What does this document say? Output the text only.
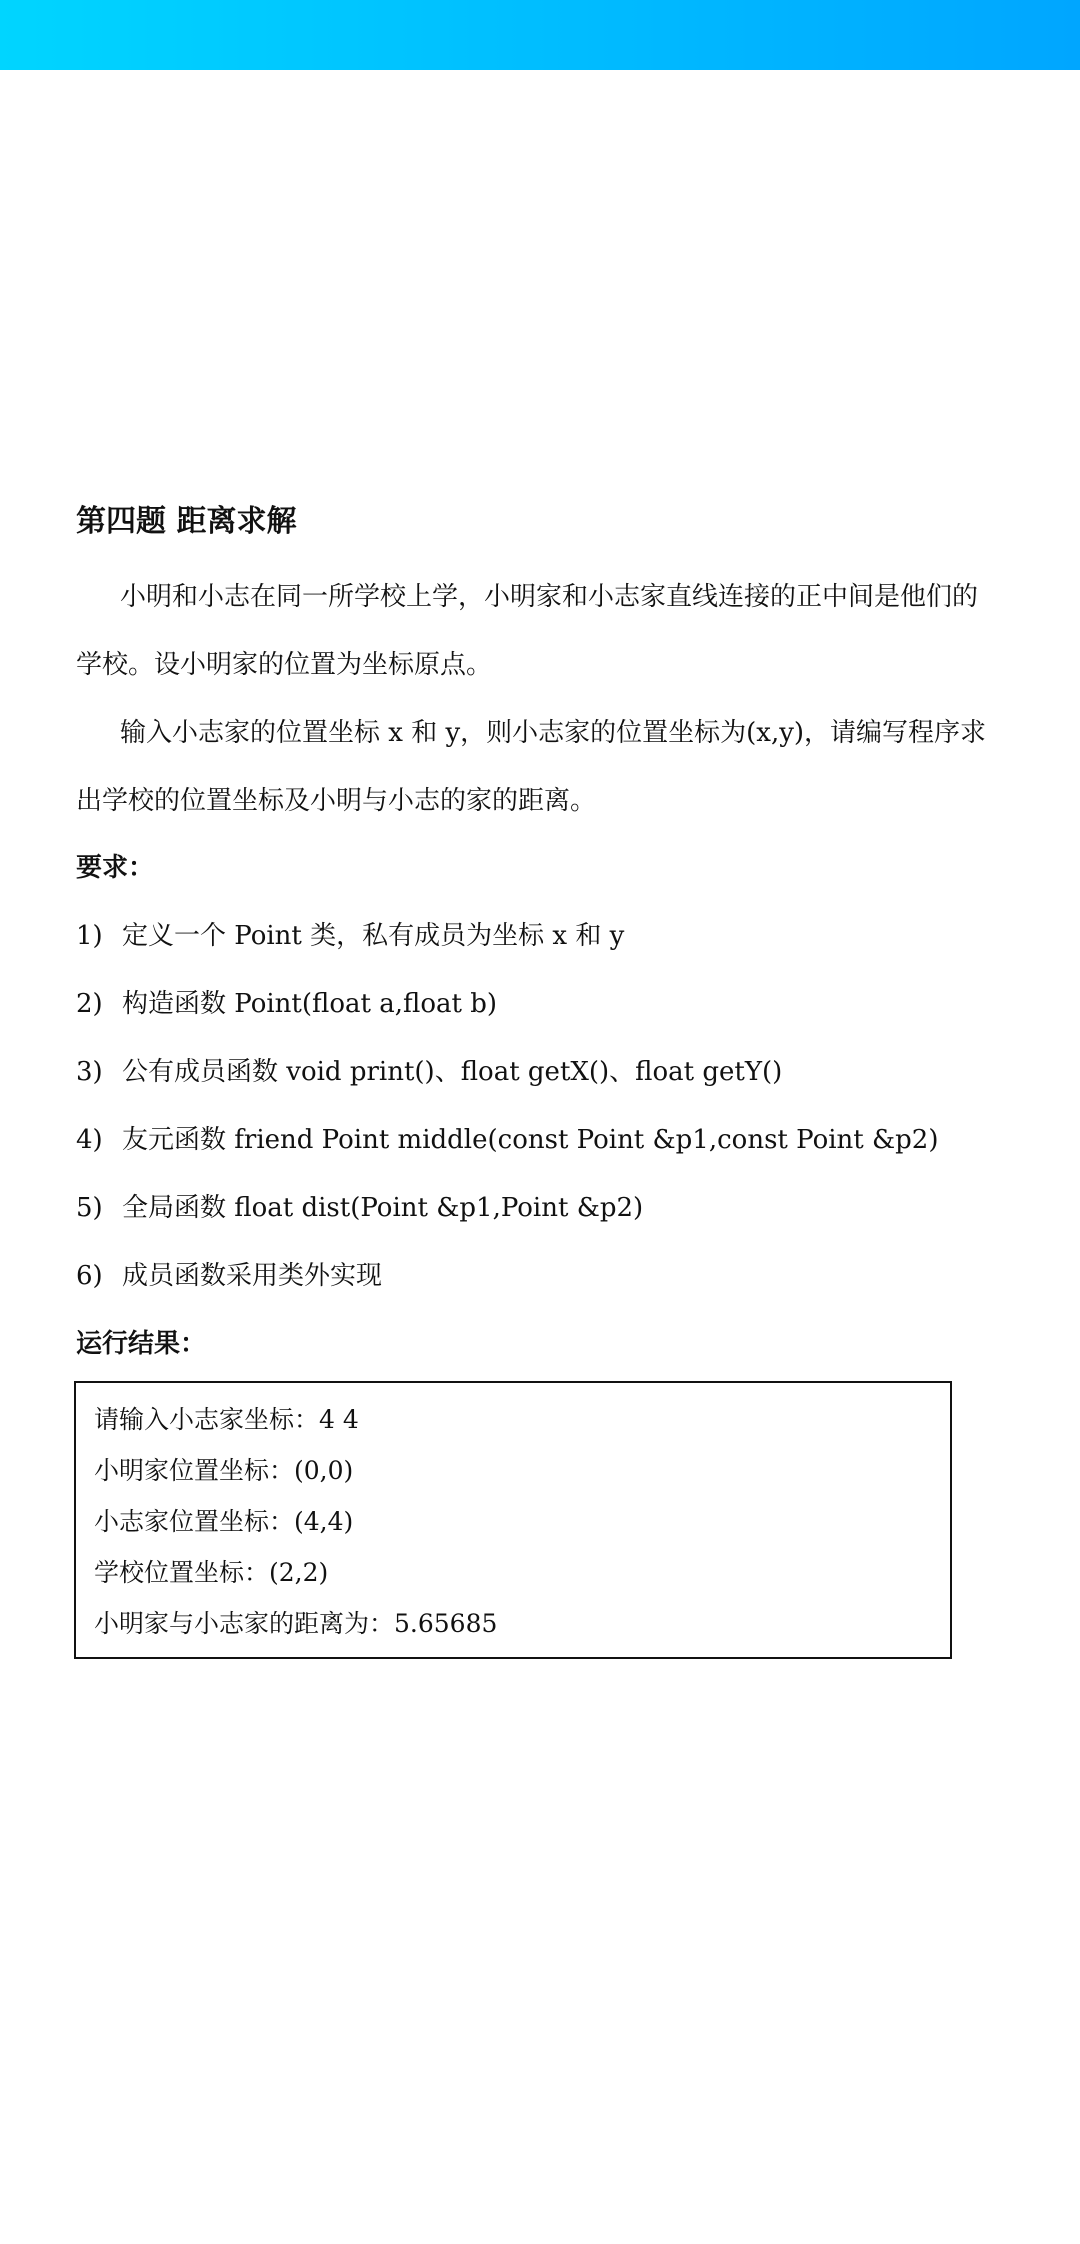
第四题 距离求解
小明和小志在同一所学校上学，小明家和小志家直线连接的正中间是他们的
学校。设小明家的位置为坐标原点。
输入小志家的位置坐标 x 和 y，则小志家的位置坐标为(x,y)，请编写程序求
出学校的位置坐标及小明与小志的家的距离。
要求：
1) 定义一个 Point 类，私有成员为坐标 x 和 y
2) 构造函数 Point(float a,float b)
3) 公有成员函数 void print()、float getX()、float getY()
4) 友元函数 friend Point middle(const Point &p1,const Point &p2)
5) 全局函数 float dist(Point &p1,Point &p2)
6) 成员函数采用类外实现
运行结果：
请输入小志家坐标：4 4
小明家位置坐标：(0,0)
小志家位置坐标：(4,4)
学校位置坐标：(2,2)
小明家与小志家的距离为：5.65685
